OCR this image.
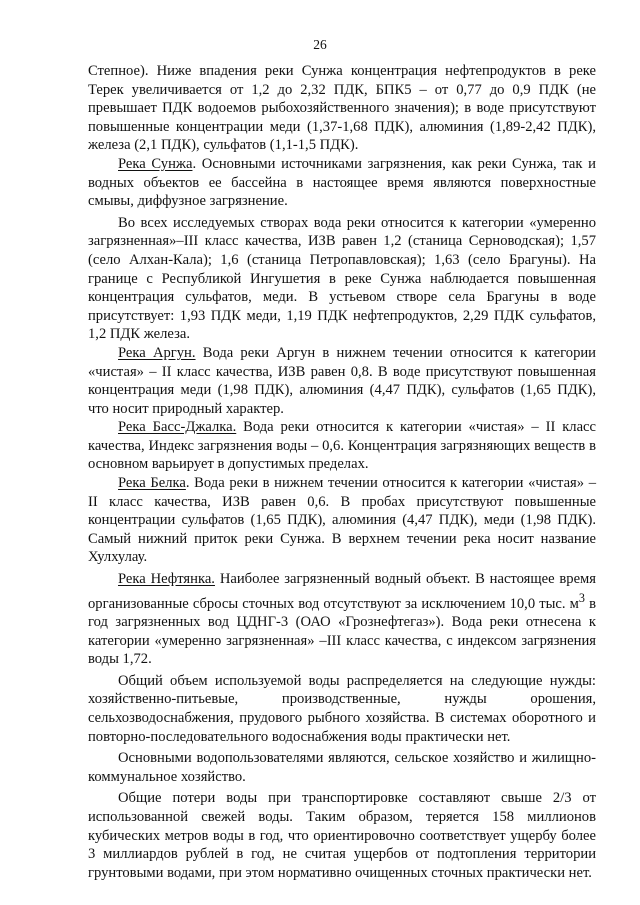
26

Степное). Ниже впадения реки Сунжа концентрация нефтепродуктов в реке Терек увеличивается от 1,2 до 2,32 ПДК, БПК5 – от 0,77 до 0,9 ПДК (не превышает ПДК водоемов рыбохозяйственного значения); в воде присутствуют повышенные концентрации меди (1,37-1,68 ПДК), алюминия (1,89-2,42 ПДК), железа (2,1 ПДК), сульфатов (1,1-1,5 ПДК).

Река Сунжа. Основными источниками загрязнения, как реки Сунжа, так и водных объектов ее бассейна в настоящее время являются поверхностные смывы, диффузное загрязнение.

Во всех исследуемых створах вода реки относится к категории «умеренно загрязненная»–III класс качества, ИЗВ равен 1,2 (станица Серноводская); 1,57 (село Алхан-Кала); 1,6 (станица Петропавловская); 1,63 (село Брагуны). На границе с Республикой Ингушетия в реке Сунжа наблюдается повышенная концентрация сульфатов, меди. В устьевом створе села Брагуны в воде присутствует: 1,93 ПДК меди, 1,19 ПДК нефтепродуктов, 2,29 ПДК сульфатов, 1,2 ПДК железа.

Река Аргун. Вода реки Аргун в нижнем течении относится к категории «чистая» – II класс качества, ИЗВ равен 0,8. В воде присутствуют повышенная концентрация меди (1,98 ПДК), алюминия (4,47 ПДК), сульфатов (1,65 ПДК), что носит природный характер.

Река Басс-Джалка. Вода реки относится к категории «чистая» – II класс качества, Индекс загрязнения воды – 0,6. Концентрация загрязняющих веществ в основном варьирует в допустимых пределах.

Река Белка. Вода реки в нижнем течении относится к категории «чистая» – II класс качества, ИЗВ равен 0,6. В пробах присутствуют повышенные концентрации сульфатов (1,65 ПДК), алюминия (4,47 ПДК), меди (1,98 ПДК). Самый нижний приток реки Сунжа. В верхнем течении река носит название Хулхулау.

Река Нефтянка. Наиболее загрязненный водный объект. В настоящее время организованные сбросы сточных вод отсутствуют за исключением 10,0 тыс. $м^3$ в год загрязненных вод ЦДНГ-3 (ОАО «Грознефтегаз»). Вода реки отнесена к категории «умеренно загрязненная» –III класс качества, с индексом загрязнения воды 1,72.

Общий объем используемой воды распределяется на следующие нужды: хозяйственно-питьевые, производственные, нужды орошения, сельхозводоснабжения, прудового рыбного хозяйства. В системах оборотного и повторно-последовательного водоснабжения воды практически нет.

Основными водопользователями являются, сельское хозяйство и жилищно-коммунальное хозяйство.

Общие потери воды при транспортировке составляют свыше 2/3 от использованной свежей воды. Таким образом, теряется 158 миллионов кубических метров воды в год, что ориентировочно соответствует ущербу более 3 миллиардов рублей в год, не считая ущербов от подтопления территории грунтовыми водами, при этом нормативно очищенных сточных практически нет.
